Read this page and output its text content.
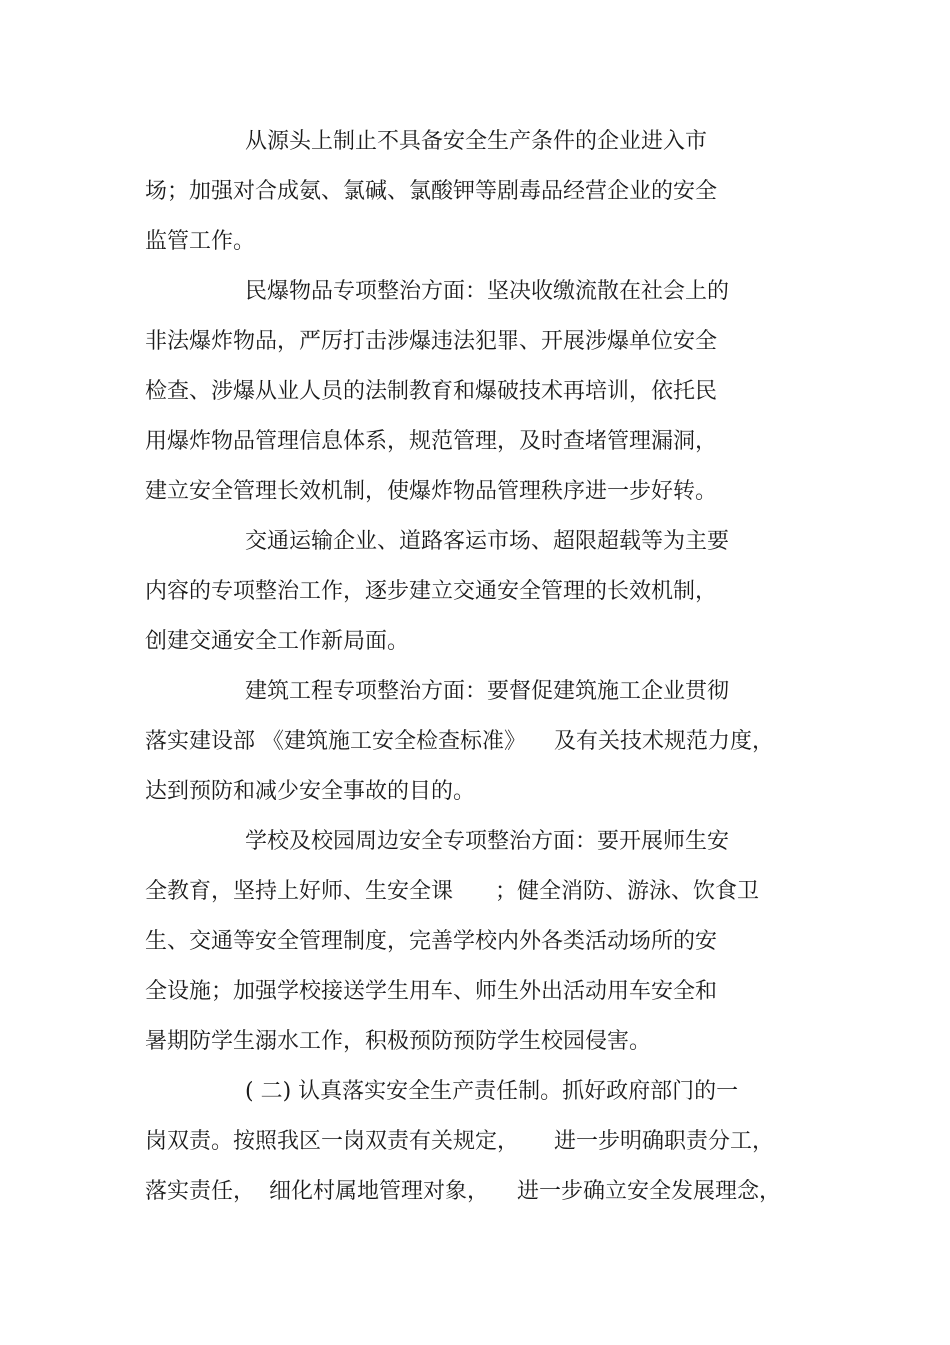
从源头上制止不具备安全生产条件的企业进入市
场；加强对合成氨、氯碱、氯酸钾等剧毒品经营企业的安全
监管工作。
民爆物品专项整治方面：坚决收缴流散在社会上的
非法爆炸物品，严厉打击涉爆违法犯罪、开展涉爆单位安全
检查、涉爆从业人员的法制教育和爆破技术再培训，依托民
用爆炸物品管理信息体系，规范管理，及时查堵管理漏洞，
建立安全管理长效机制，使爆炸物品管理秩序进一步好转。
交通运输企业、道路客运市场、超限超载等为主要
内容的专项整治工作，逐步建立交通安全管理的长效机制，
创建交通安全工作新局面。
建筑工程专项整治方面：要督促建筑施工企业贯彻
落实建设部 《建筑施工安全检查标准》    及有关技术规范力度，
达到预防和减少安全事故的目的。
学校及校园周边安全专项整治方面：要开展师生安
全教育，坚持上好师、生安全课      ；健全消防、游泳、饮食卫
生、交通等安全管理制度，完善学校内外各类活动场所的安
全设施；加强学校接送学生用车、师生外出活动用车安全和
暑期防学生溺水工作，积极预防预防学生校园侵害。
( 二) 认真落实安全生产责任制。抓好政府部门的一
岗双责。按照我区一岗双责有关规定，     进一步明确职责分工，
落实责任，  细化村属地管理对象，    进一步确立安全发展理念，
